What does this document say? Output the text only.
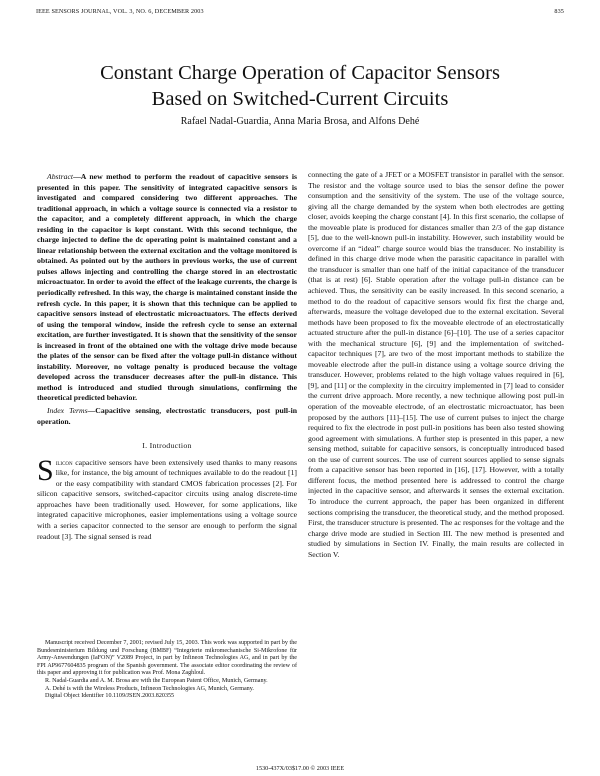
IEEE SENSORS JOURNAL, VOL. 3, NO. 6, DECEMBER 2003	835
Constant Charge Operation of Capacitor Sensors
Based on Switched-Current Circuits
Rafael Nadal-Guardia, Anna Maria Brosa, and Alfons Dehé

Abstract—A new method to perform the readout of capacitive sensors is presented in this paper. The sensitivity of integrated capacitive sensors is investigated and compared considering two different approaches. The traditional approach, in which a voltage source is connected via a resistor to the capacitor, and a completely different approach, in which the charge residing in the capacitor is kept constant. With this second technique, the charge injected to define the dc operating point is maintained constant and a linear relationship between the external excitation and the voltage monitored is obtained. As pointed out by the authors in previous works, the use of current pulses allows injecting and controlling the charge stored in an electrostatic microactuator. In order to avoid the effect of the leakage currents, the charge is periodically refreshed. In this way, the charge is maintained constant inside the refresh cycle. In this paper, it is shown that this technique can be applied to capacitive sensors instead of electrostatic microactuators. The effects derived of using the temporal window, inside the refresh cycle to sense an external excitation, are further investigated. It is shown that the sensitivity of the sensor is increased in front of the obtained one with the voltage drive mode because the plates of the sensor can be fixed after the voltage pull-in distance without instability. Moreover, no voltage penalty is produced because the voltage developed across the transducer decreases after the pull-in distance. This method is introduced and studied through simulations, confirming the theoretical predicted behavior.

Index Terms—Capacitive sensing, electrostatic transducers, post pull-in operation.

I. Introduction

Silicon capacitive sensors have been extensively used thanks to many reasons like, for instance, the big amount of techniques available to do the readout [1] or the easy compatibility with standard CMOS fabrication processes [2]. For silicon capacitive sensors, switched-capacitor circuits using analog discrete-time approaches have been traditionally used. However, for some applications, like integrated capacitive microphones, easier implementations using a voltage source with a series capacitor connected to the sensor are enough to perform the signal readout [3]. The signal sensed is read

Manuscript received December 7, 2001; revised July 15, 2003. This work was supported in part by the Bundesministerium Bildung und Forschung (BMBF) “Integrierte mikromechanische Si-Mikrofone für Army-Anwendungen (IaFON)” V2089 Project, in part by Infineon Technologies AG, and in part by the FPI AP9677604835 program of the Spanish government. The associate editor coordinating the review of this paper and approving it for publication was Prof. Mona Zaghloul.

R. Nadal-Guardia and A. M. Brosa are with the European Patent Office, Munich, Germany.

A. Dehé is with the Wireless Products, Infineon Technologies AG, Munich, Germany.

Digital Object Identifier 10.1109/JSEN.2003.820355

connecting the gate of a JFET or a MOSFET transistor in parallel with the sensor. The resistor and the voltage source used to bias the sensor define the power consumption and the sensitivity of the system. The use of the voltage source, giving all the charge demanded by the system when both electrodes are getting closer, avoids keeping the charge constant [4]. In this first scenario, the collapse of the moveable plate is produced for distances smaller than 2/3 of the gap distance [5], due to the well-known pull-in instability. However, such instability would be overcome if an “ideal” charge source would bias the transducer. No instability is defined in this charge drive mode when the parasitic capacitance in parallel with the transducer is smaller than one half of the initial capacitance of the transducer (that is at rest) [6]. Stable operation after the voltage pull-in distance can be achieved. Thus, the sensitivity can be easily increased. In this second scenario, a method to do the readout of capacitive sensors would fix first the charge and, afterwards, measure the voltage developed due to the external excitation. Several methods have been proposed to fix the moveable electrode of an electrostatically actuated structure after the pull-in distance [6]–[10]. The use of a series capacitor with the mechanical structure [6], [9] and the implementation of switched-capacitor techniques [7], are two of the most important methods to stabilize the moveable electrode after the pull-in distance using a voltage source driving the transducer. However, problems related to the high voltage values required in [6], [9], and [11] or the complexity in the circuitry implemented in [7] lead to consider the current drive approach. More recently, a new technique allowing post pull-in operation of the moveable electrode, of an electrostatic microactuator, has been proposed by the authors [11]–[15]. The use of current pulses to inject the charge required to fix the electrode in post pull-in positions has been also tested showing good agreement with simulations. A further step is presented in this paper, a new sensing method, suitable for capacitive sensors, is conceptually introduced based on the use of current sources. The use of current sources applied to sense signals from a capacitive sensor has been reported in [16], [17]. However, with a totally different focus, the method presented here is addressed to control the charge injected in the capacitive sensor, and afterwards it senses the external excitation. To introduce the current approach, the paper has been organized in different sections comprising the transducer, the theoretical study, and the method proposed. First, the transducer structure is presented. The ac responses for the voltage and the charge drive mode are studied in Section III. The new method is presented and studied by simulations in Section IV. Finally, the main results are collected in Section V.

1530-437X/03$17.00 © 2003 IEEE
